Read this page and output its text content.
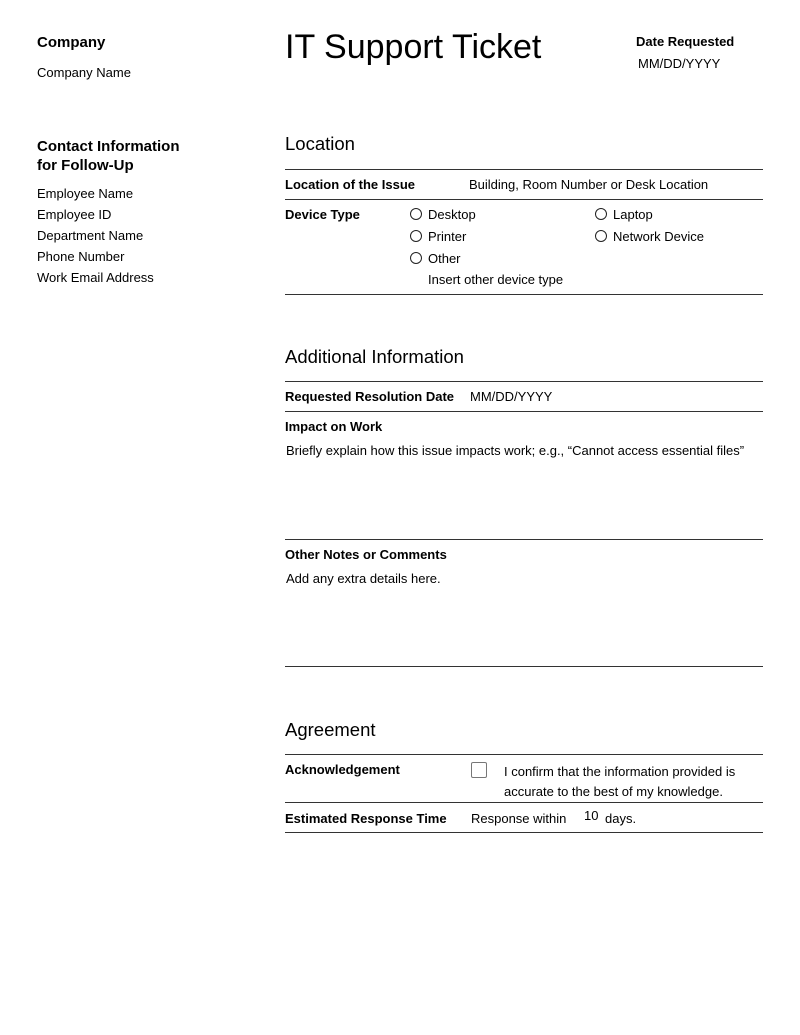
Company
Company Name
IT Support Ticket	Date Requested
MM/DD/YYYY
Contact Information
for Follow-Up
Employee Name
Employee ID
Department Name
Phone Number
Work Email Address
Location
Location of the Issue	Building, Room Number or Desk Location
Device Type	Desktop	Laptop
Printer	Network Device
Other
Insert other device type
Additional Information
Requested Resolution Date MM/DD/YYYY
Impact on Work
Briefly explain how this issue impacts work; e.g., “Cannot access essential files”
Other Notes or Comments
Add any extra details here.
Agreement
Acknowledgement	I confirm that the information provided is
accurate to the best of my knowledge.
Estimated Response Time Response within 10 days.
